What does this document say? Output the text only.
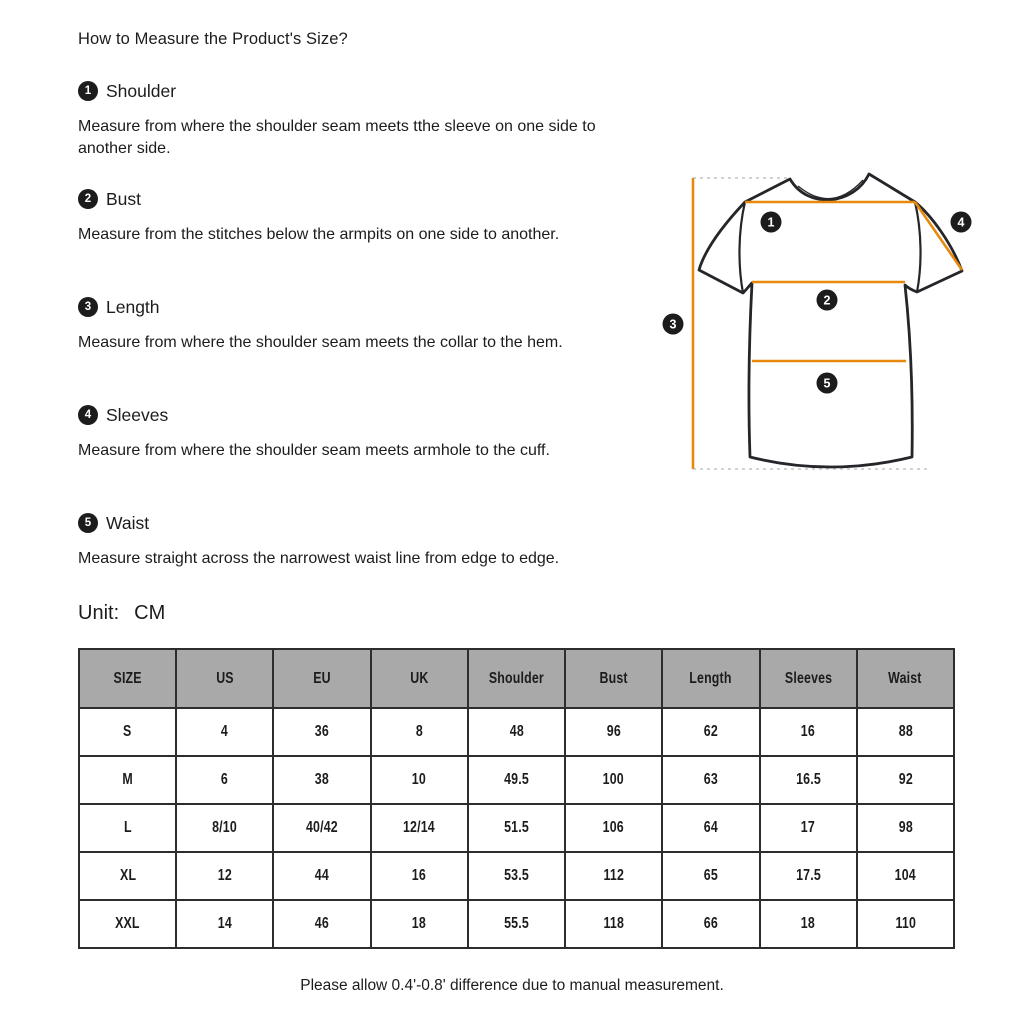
How to Measure the Product's Size?
1 Shoulder
Measure from where the shoulder seam meets tthe sleeve on one side to another side.
2 Bust
Measure from the stitches below the armpits on one side to another.
3 Length
Measure from where the shoulder seam meets the collar to the hem.
4 Sleeves
Measure from where the shoulder seam meets armhole to the cuff.
5 Waist
Measure straight across the narrowest waist line from edge to edge.
Unit: CM
1
2
3
4
5
SIZE	US	EU	UK	Shoulder	Bust	Length	Sleeves	Waist
S	4	36	8	48	96	62	16	88
M	6	38	10	49.5	100	63	16.5	92
L	8/10	40/42	12/14	51.5	106	64	17	98
XL	12	44	16	53.5	112	65	17.5	104
XXL	14	46	18	55.5	118	66	18	110
Please allow 0.4'-0.8' difference due to manual measurement.
